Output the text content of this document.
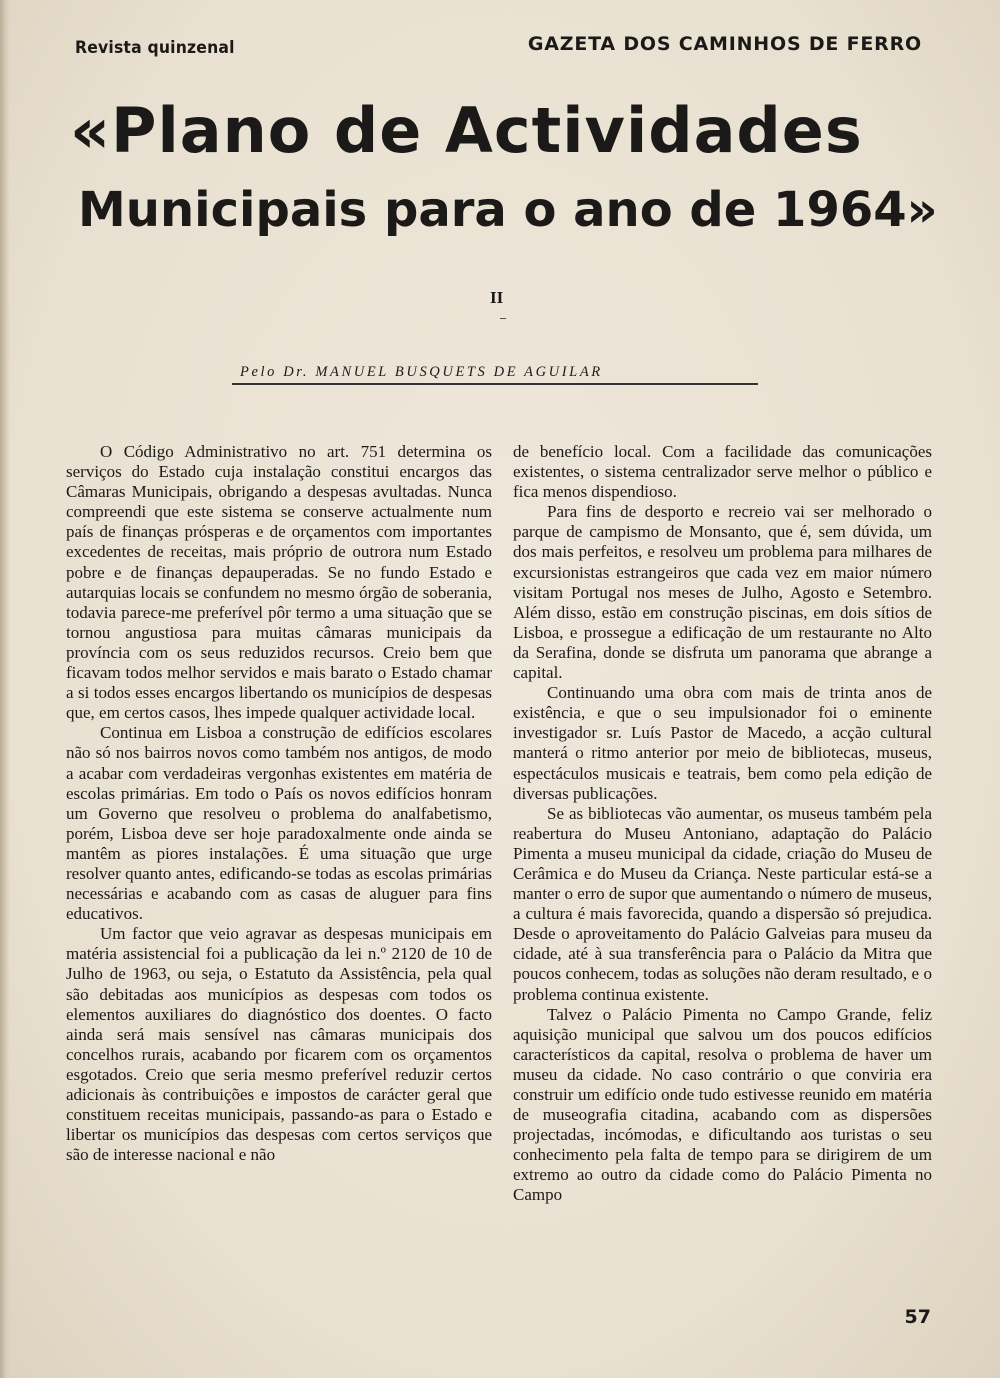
Revista quinzenal	GAZETA DOS CAMINHOS DE FERRO
«Plano de Actividades
Municipais para o ano de 1964»
II
Pelo Dr. MANUEL BUSQUETS DE AGUILAR

O Código Administrativo no art. 751 determina os serviços do Estado cuja instalação constitui encargos das Câmaras Municipais, obrigando a despesas avultadas. Nunca compreendi que este sistema se conserve actualmente num país de finanças prósperas e de orçamentos com importantes excedentes de receitas, mais próprio de outrora num Estado pobre e de finanças depauperadas. Se no fundo Estado e autarquias locais se confundem no mesmo órgão de soberania, todavia parece-me preferível pôr termo a uma situação que se tornou angustiosa para muitas câmaras municipais da província com os seus reduzidos recursos. Creio bem que ficavam todos melhor servidos e mais barato o Estado chamar a si todos esses encargos libertando os municípios de despesas que, em certos casos, lhes impede qualquer actividade local.

Continua em Lisboa a construção de edifícios escolares não só nos bairros novos como também nos antigos, de modo a acabar com verdadeiras vergonhas existentes em matéria de escolas primárias. Em todo o País os novos edifícios honram um Governo que resolveu o problema do analfabetismo, porém, Lisboa deve ser hoje paradoxalmente onde ainda se mantêm as piores instalações. É uma situação que urge resolver quanto antes, edificando-se todas as escolas primárias necessárias e acabando com as casas de aluguer para fins educativos.

Um factor que veio agravar as despesas municipais em matéria assistencial foi a publicação da lei n.º 2120 de 10 de Julho de 1963, ou seja, o Estatuto da Assistência, pela qual são debitadas aos municípios as despesas com todos os elementos auxiliares do diagnóstico dos doentes. O facto ainda será mais sensível nas câmaras municipais dos concelhos rurais, acabando por ficarem com os orçamentos esgotados. Creio que seria mesmo preferível reduzir certos adicionais às contribuições e impostos de carácter geral que constituem receitas municipais, passando-as para o Estado e libertar os municípios das despesas com certos serviços que são de interesse nacional e não

de benefício local. Com a facilidade das comunicações existentes, o sistema centralizador serve melhor o público e fica menos dispendioso.

Para fins de desporto e recreio vai ser melhorado o parque de campismo de Monsanto, que é, sem dúvida, um dos mais perfeitos, e resolveu um problema para milhares de excursionistas estrangeiros que cada vez em maior número visitam Portugal nos meses de Julho, Agosto e Setembro. Além disso, estão em construção piscinas, em dois sítios de Lisboa, e prossegue a edificação de um restaurante no Alto da Serafina, donde se disfruta um panorama que abrange a capital.

Continuando uma obra com mais de trinta anos de existência, e que o seu impulsionador foi o eminente investigador sr. Luís Pastor de Macedo, a acção cultural manterá o ritmo anterior por meio de bibliotecas, museus, espectáculos musicais e teatrais, bem como pela edição de diversas publicações.

Se as bibliotecas vão aumentar, os museus também pela reabertura do Museu Antoniano, adaptação do Palácio Pimenta a museu municipal da cidade, criação do Museu de Cerâmica e do Museu da Criança. Neste particular está-se a manter o erro de supor que aumentando o número de museus, a cultura é mais favorecida, quando a dispersão só prejudica. Desde o aproveitamento do Palácio Galveias para museu da cidade, até à sua transferência para o Palácio da Mitra que poucos conhecem, todas as soluções não deram resultado, e o problema continua existente.

Talvez o Palácio Pimenta no Campo Grande, feliz aquisição municipal que salvou um dos poucos edifícios característicos da capital, resolva o problema de haver um museu da cidade. No caso contrário o que conviria era construir um edifício onde tudo estivesse reunido em matéria de museografia citadina, acabando com as dispersões projectadas, incómodas, e dificultando aos turistas o seu conhecimento pela falta de tempo para se dirigirem de um extremo ao outro da cidade como do Palácio Pimenta no Campo

57
